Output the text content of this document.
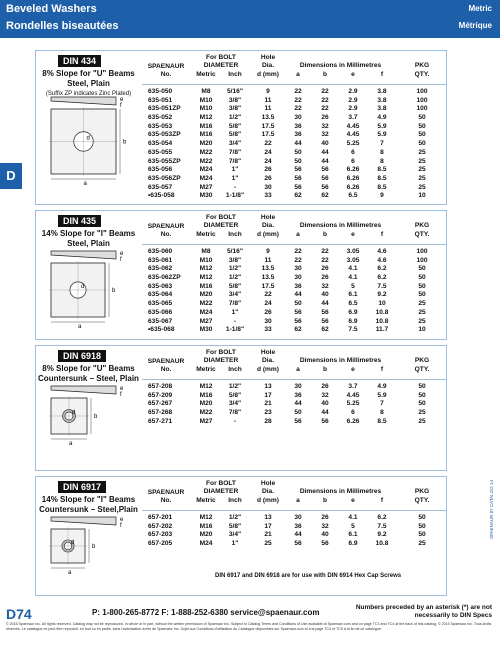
Beveled Washers
Rondelles biseautées
Metric
Métrique
D
DIN 434
8% Slope for "U" Beams Steel, Plain
(Suffix ZP indicates Zinc Plated)
a
b
d
e
f
SPAENAUR
No.
For BOLT
DIAMETER
Metric	Inch
Hole
Dia.
d (mm)
Dimensions in Millimetres
a	b	e	f
PKG
QTY.
635-050	M8	5/16"	9	22	22	2.9	3.8	100
635-051	M10	3/8"	11	22	22	2.9	3.8	100
635-051ZP	M10	3/8"	11	22	22	2.9	3.8	100
635-052	M12	1/2"	13.5	30	26	3.7	4.9	50
635-053	M16	5/8"	17.5	36	32	4.45	5.9	50
635-053ZP	M16	5/8"	17.5	36	32	4.45	5.9	50
635-054	M20	3/4"	22	44	40	5.25	7	50
635-055	M22	7/8"	24	50	44	6	8	25
635-055ZP	M22	7/8"	24	50	44	6	8	25
635-056	M24	1"	26	56	56	6.26	8.5	25
635-056ZP	M24	1"	26	56	56	6.26	8.5	25
635-057	M27	-	30	56	56	6.26	8.5	25
•635-058	M30	1-1/8"	33	62	62	6.5	9	10
DIN 435
14% Slope for "I" Beams Steel, Plain
a
b
d
e
f
SPAENAUR
No.
For BOLT
DIAMETER
Metric	Inch
Hole
Dia.
d (mm)
Dimensions in Millimetres
a	b	e	f
PKG
QTY.
635-060	M8	5/16"	9	22	22	3.05	4.6	100
635-061	M10	3/8"	11	22	22	3.05	4.6	100
635-062	M12	1/2"	13.5	30	26	4.1	6.2	50
635-062ZP	M12	1/2"	13.5	30	26	4.1	6.2	50
635-063	M16	5/8"	17.5	36	32	5	7.5	50
635-064	M20	3/4"	22	44	40	6.1	9.2	50
635-065	M22	7/8"	24	50	44	6.5	10	25
635-066	M24	1"	26	56	56	6.9	10.8	25
635-067	M27	-	30	56	56	6.9	10.8	25
•635-068	M30	1-1/8"	33	62	62	7.5	11.7	10
DIN 6918
8% Slope for "U" Beams Countersunk – Steel, Plain
a
b
d
e
f
SPAENAUR
No.
For BOLT
DIAMETER
Metric	Inch
Hole
Dia.
d (mm)
Dimensions in Millimetres
a	b	e	f
PKG
QTY.
657-208	M12	1/2"	13	30	26	3.7	4.9	50
657-209	M16	5/8"	17	36	32	4.45	5.9	50
657-267	M20	3/4"	21	44	40	5.25	7	50
657-268	M22	7/8"	23	50	44	6	8	25
657-271	M27	-	28	56	56	6.26	8.5	25
DIN 6917
14% Slope for "I" Beams Countersunk – Steel,Plain
a
b
d
e
f
SPAENAUR
No.
For BOLT
DIAMETER
Metric	Inch
Hole
Dia.
d (mm)
Dimensions in Millimetres
a	b	e	f
PKG
QTY.
657-201	M12	1/2"	13	30	26	4.1	6.2	50
657-202	M16	5/8"	17	36	32	5	7.5	50
657-203	M20	3/4"	21	44	40	6.1	9.2	50
657-205	M24	1"	25	56	56	6.9	10.8	25
DIN 6917 and DIN 6918 are for use with DIN 6914 Hex Cap Screws
D74	P: 1-800-265-8772 F: 1-888-252-6380 service@spaenaur.com
Numbers preceded by an asterisk (*) are not necessarily to DIN Specs
© 2015 Spaenaur Inc. All rights reserved. Catalog may not be reproduced, in whole or in part, without the written permission of Spaenaur Inc. Subject to Catalog Terms and Conditions of Use available at Spaenaur.com and on page TC3 and TC4 at the back of this catalog. © 2015 Spaenaur Inc. Tous droits réservés. Le catalogue ne peut être reproduit, en tout ou en partie, sans l'autorisation écrite de Spaenaur Inc. Sujet aux Conditions d'utilisation du Catalogue disponibles sur Spaenaur.com et à la page TC4 et TC5 à la fin de ce catalogue.
SPAENAUR 87 CATALOG 14
